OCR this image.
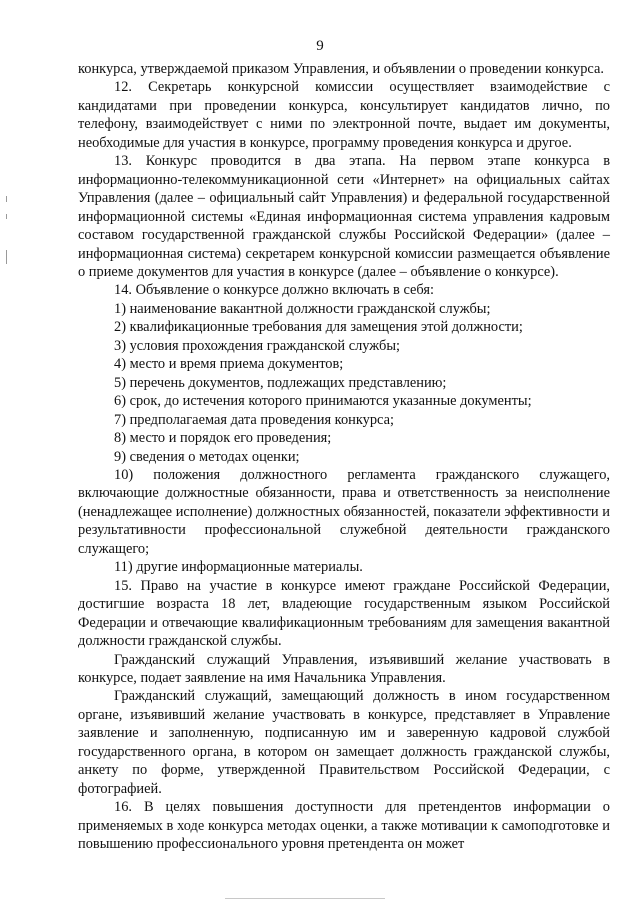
9

конкурса, утверждаемой приказом Управления, и объявлении о проведении конкурса.

12. Секретарь конкурсной комиссии осуществляет взаимодействие с кандидатами при проведении конкурса, консультирует кандидатов лично, по телефону, взаимодействует с ними по электронной почте, выдает им документы, необходимые для участия в конкурсе, программу проведения конкурса и другое.

13. Конкурс проводится в два этапа. На первом этапе конкурса в информационно-телекоммуникационной сети «Интернет» на официальных сайтах Управления (далее – официальный сайт Управления) и федеральной государственной информационной системы «Единая информационная система управления кадровым составом государственной гражданской службы Российской Федерации» (далее – информационная система) секретарем конкурсной комиссии размещается объявление о приеме документов для участия в конкурсе (далее – объявление о конкурсе).

14. Объявление о конкурсе должно включать в себя:

1) наименование вакантной должности гражданской службы;

2) квалификационные требования для замещения этой должности;

3) условия прохождения гражданской службы;

4) место и время приема документов;

5) перечень документов, подлежащих представлению;

6) срок, до истечения которого принимаются указанные документы;

7) предполагаемая дата проведения конкурса;

8) место и порядок его проведения;

9) сведения о методах оценки;

10) положения должностного регламента гражданского служащего, включающие должностные обязанности, права и ответственность за неисполнение (ненадлежащее исполнение) должностных обязанностей, показатели эффективности и результативности профессиональной служебной деятельности гражданского служащего;

11) другие информационные материалы.

15. Право на участие в конкурсе имеют граждане Российской Федерации, достигшие возраста 18 лет, владеющие государственным языком Российской Федерации и отвечающие квалификационным требованиям для замещения вакантной должности гражданской службы.

Гражданский служащий Управления, изъявивший желание участвовать в конкурсе, подает заявление на имя Начальника Управления.

Гражданский служащий, замещающий должность в ином государственном органе, изъявивший желание участвовать в конкурсе, представляет в Управление заявление и заполненную, подписанную им и заверенную кадровой службой государственного органа, в котором он замещает должность гражданской службы, анкету по форме, утвержденной Правительством Российской Федерации, с фотографией.

16. В целях повышения доступности для претендентов информации о применяемых в ходе конкурса методах оценки, а также мотивации к самоподготовке и повышению профессионального уровня претендента он может
